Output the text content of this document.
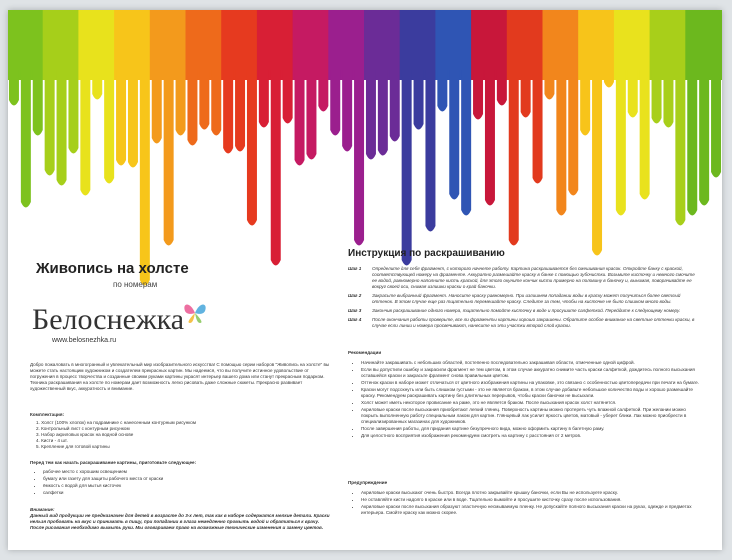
Живопись на холсте
по номерам
Белоснежка
www.belosnezhka.ru
Добро пожаловать в многогранный и увлекательный мир изобразительного искусства! С помощью серии наборов "Живопись на холсте" вы можете стать настоящим художником и создателем прекрасных картин. Мы надеемся, что вы получите истинное удовольствие от погружения в процесс творчества и созданные своими руками картины украсят интерьер вашего дома или станут прекрасным подарком. Техника раскрашивания на холсте по номерам дает возможность легко рисовать даже сложные сюжеты. Прекрасно развивает художественный вкус, аккуратность и внимание.
Комплектация:
1. Холст (100% хлопок) на подрамнике с нанесенным контурным рисунком
2. Контрольный лист с контурным рисунком
3. Набор акриловых красок на водной основе
4. Кисти - 4 шт.
5. Крепление для готовой картины
Перед тем как начать раскрашивание картины, приготовьте следующее:
• рабочее место с хорошим освещением
• бумагу или газету для защиты рабочего места от краски
• ёмкость с водой для мытья кисточек
• салфетки
Внимание:
Данный вид продукции не предназначен для детей в возрасте до 3-х лет, так как в наборе содержатся мелкие детали. Краски нельзя пробовать на вкус и принимать в пищу, при попадании в глаза немедленно промыть водой и обратиться к врачу. После рисования необходимо вымыть руки. Мы оговариваем право на возможные технические изменения и замену цветов.
Инструкция по раскрашиванию
Шаг 1	Определите для себя фрагмент, с которого начнете работу. Картина раскрашивается без смешивания красок. Откройте банку с краской, соответствующей номеру на фрагменте. Аккуратно размешайте краску в банке с помощью зубочистки. Возьмите кисточку и немного смочите ее водой, равномерно наполните кисть краской, для этого окуните кончик кисти примерно на половину в баночку и, вынимая, поворачивайте ее вокруг своей оси, снимая излишки краски о край баночки.
Шаг 2	Закрасьте выбранный фрагмент. Наносите краску равномерно. При излишнем попадании воды в краску может получиться более светлый оттенок. В этом случае еще раз тщательно перемешайте краску. Следите за тем, чтобы на кисточке не было слишком много воды.
Шаг 3	Закончив раскрашивание одного номера, тщательно помойте кисточку в воде и просушите салфеткой. Перейдите к следующему номеру.
Шаг 4	После окончания работы проверьте, все ли фрагменты картины хорошо закрашены. Обратите особое внимание на светлые оттенки краски, в случае если линии и номера просвечивают, нанесите на эти участки второй слой краски.
Рекомендации
• Начинайте закрашивать с небольших областей, постепенно последовательно закрашивая области, отмеченные одной цифрой.
• Если вы допустили ошибку и закрасили фрагмент не тем цветом, в этом случае аккуратно снимите часть краски салфеткой, дождитесь полного высыхания оставшейся краски и закрасьте фрагмент снова правильным цветом.
• Оттенок краски в наборе может отличаться от цветного изображения картины на упаковке, это связано с особенностью цветопередачи при печати на бумаге.
• Краски могут подсохнуть или быть слишком густыми - это не является браком, в этом случае добавьте небольшое количество воды и хорошо размешайте краску. Рекомендуем раскрашивать картину без длительных перерывов, чтобы краски баночки не высыхали.
• Холст может иметь некоторое провисание на раме, это не является браком. После высыхания красок холст натянется.
• Акриловые краски после высыхания приобретают легкий глянец. Поверхность картины можно протереть чуть влажной салфеткой. При желании можно покрыть выполненную работу специальным лаком для картин. Глянцевый лак усилит яркость цветов, матовый - уберет блики. Лак можно приобрести в специализированных магазинах для художников.
• После завершения работы, для придания картине безупречного вида, можно оформить картину в багетную раму.
• Для целостного восприятия изображения рекомендуем смотреть на картину с расстояния от 2 метров.
Предупреждение
• Акриловые краски высыхают очень быстро. Всегда плотно закрывайте крышку баночки, если Вы не используете краску.
• Не оставляйте кисти надолго в краске или в воде. Тщательно вымойте и просушите кисточку сразу после использования.
• Акриловые краски после высыхания образуют эластичную несмываемую пленку. Не допускайте полного высыхания краски на руках, одежде и предметах интерьера. Смойте краску как можно скорее.
